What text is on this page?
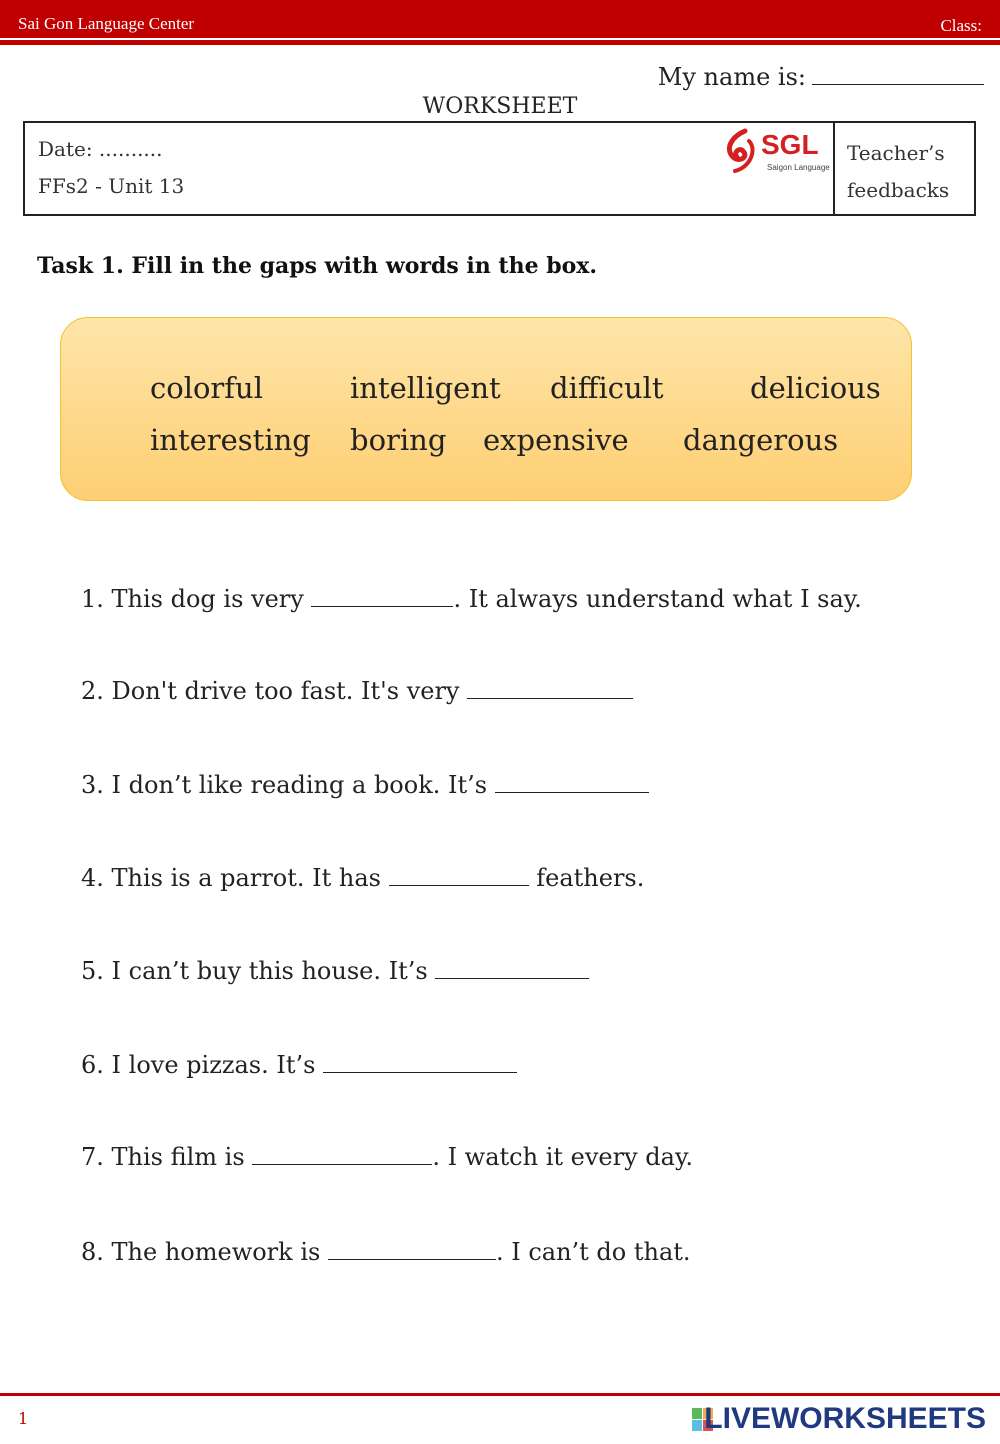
Sai Gon Language Center	Class:
My name is:
WORKSHEET
Date: ..........
FFs2 - Unit 13
SGL
Saigon Language
Teacher’s
feedbacks
Task 1. Fill in the gaps with words in the box.
colorful	intelligent difficult	delicious
interesting boring expensive dangerous
1. This dog is very	. It always understand what I say.
2. Don't drive too fast. It's very
3. I don’t like reading a book. It’s
4. This is a parrot. It has	feathers.
5. I can’t buy this house. It’s
6. I love pizzas. It’s
7. This film is	. I watch it every day.
8. The homework is	. I can’t do that.
1	LIVEWORKSHEETS
